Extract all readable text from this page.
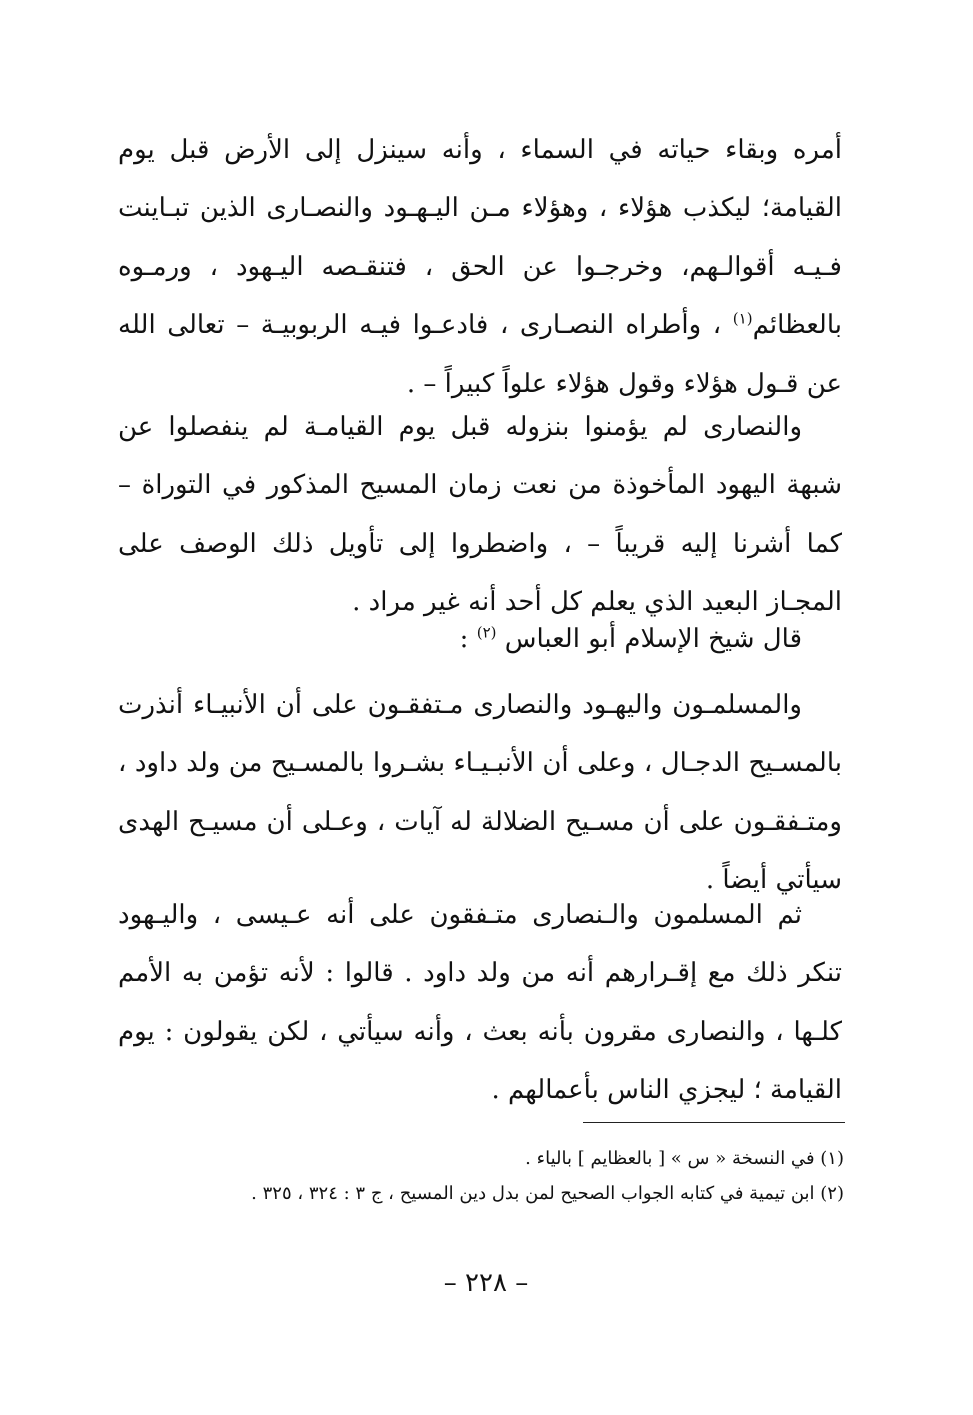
أمره وبقاء حياته في السماء ، وأنه سينزل إلى الأرض قبل يوم القيامة؛ ليكذب هؤلاء ، وهؤلاء مـن اليـهـود والنصـارى الذين تبـاينت فـيـه أقوالـهم، وخرجـوا عن الحق ، فتنقـصه اليـهود ، ورمـوه بالعظائم$^{(١)}$ ، وأطراه النصـارى ، فادعـوا فيـه الربوبيـة – تعالى الله عن قـول هؤلاء وقول هؤلاء علواً كبيراً – .

والنصارى لم يؤمنوا بنزوله قبل يوم القيامـة لم ينفصلوا عن شبهة اليهود المأخوذة من نعت زمان المسيح المذكور في التوراة – كما أشرنا إليه قريباً – ، واضطروا إلى تأويل ذلك الوصف على المجـاز البعيد الذي يعلم كل أحد أنه غير مراد .

قال شيخ الإسلام أبو العباس $^{(٢)}$ :

والمسلمـون واليهـود والنصارى مـتفقـون على أن الأنبيـاء أنذرت بالمسـيح الدجـال ، وعلى أن الأنبـيـاء بشـروا بالمسـيح من ولد داود ، ومتـفقـون على أن مسـيح الضلالة له آيات ، وعـلى أن مسيـح الهدى سيأتي أيضاً .

ثم المسلمون والـنصارى متـفقون على أنه عـيسى ، واليـهود تنكر ذلك مع إقـرارهم أنه من ولد داود . قالوا : لأنه تؤمن به الأمم كلـها ، والنصارى مقرون بأنه بعث ، وأنه سيأتي ، لكن يقولون : يوم القيامة ؛ ليجزي الناس بأعمالهم .

(١) في النسخة « س » [ بالعظايم ] بالياء .

(٢) ابن تيمية في كتابه الجواب الصحيح لمن بدل دين المسيح ، ج ٣ : ٣٢٤ ، ٣٢٥ .

– ٢٢٨ –
